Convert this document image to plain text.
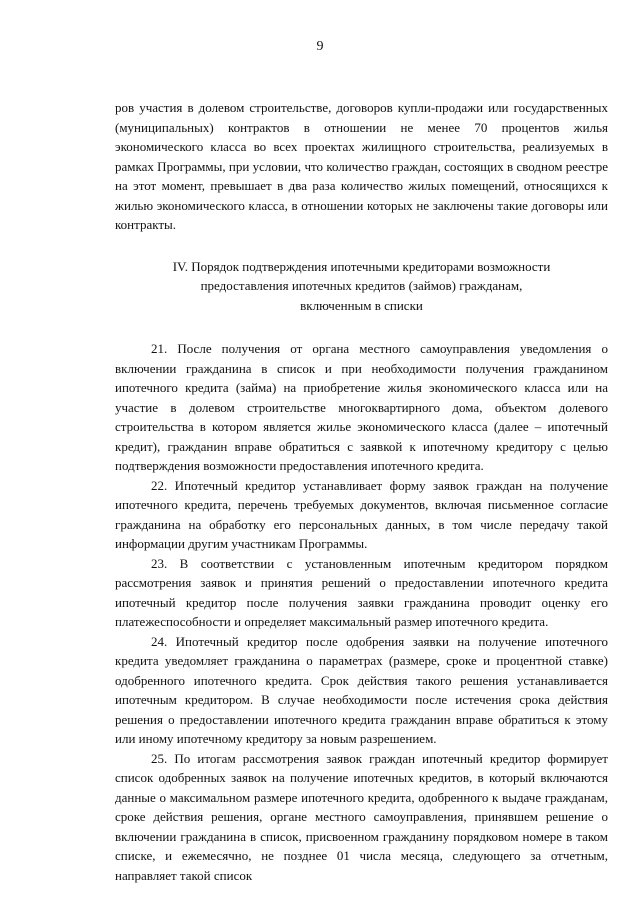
9

ров участия в долевом строительстве, договоров купли-продажи или государственных (муниципальных) контрактов в отношении не менее 70 процентов жилья экономического класса во всех проектах жилищного строительства, реализуемых в рамках Программы, при условии, что количество граждан, состоящих в сводном реестре на этот момент, превышает в два раза количество жилых помещений, относящихся к жилью экономического класса, в отношении которых не заключены такие договоры или контракты.

IV. Порядок подтверждения ипотечными кредиторами возможности
предоставления ипотечных кредитов (займов) гражданам,
включенным в списки

21. После получения от органа местного самоуправления уведомления о включении гражданина в список и при необходимости получения гражданином ипотечного кредита (займа) на приобретение жилья экономического класса или на участие в долевом строительстве многоквартирного дома, объектом долевого строительства в котором является жилье экономического класса (далее – ипотечный кредит), гражданин вправе обратиться с заявкой к ипотечному кредитору с целью подтверждения возможности предоставления ипотечного кредита.

22. Ипотечный кредитор устанавливает форму заявок граждан на получение ипотечного кредита, перечень требуемых документов, включая письменное согласие гражданина на обработку его персональных данных, в том числе передачу такой информации другим участникам Программы.

23. В соответствии с установленным ипотечным кредитором порядком рассмотрения заявок и принятия решений о предоставлении ипотечного кредита ипотечный кредитор после получения заявки гражданина проводит оценку его платежеспособности и определяет максимальный размер ипотечного кредита.

24. Ипотечный кредитор после одобрения заявки на получение ипотечного кредита уведомляет гражданина о параметрах (размере, сроке и процентной ставке) одобренного ипотечного кредита. Срок действия такого решения устанавливается ипотечным кредитором. В случае необходимости после истечения срока действия решения о предоставлении ипотечного кредита гражданин вправе обратиться к этому или иному ипотечному кредитору за новым разрешением.

25. По итогам рассмотрения заявок граждан ипотечный кредитор формирует список одобренных заявок на получение ипотечных кредитов, в который включаются данные о максимальном размере ипотечного кредита, одобренного к выдаче гражданам, сроке действия решения, органе местного самоуправления, принявшем решение о включении гражданина в список, присвоенном гражданину порядковом номере в таком списке, и ежемесячно, не позднее 01 числа месяца, следующего за отчетным, направляет такой список
